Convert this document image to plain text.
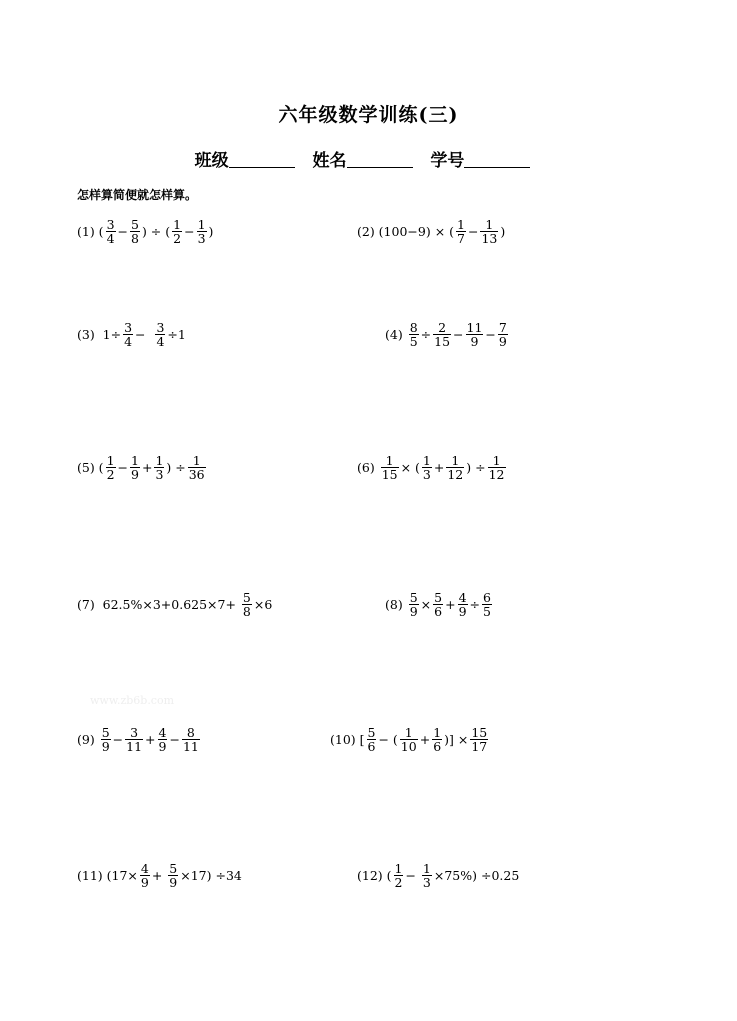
六年级数学训练(三)
班级	姓名	学号
怎样算简便就怎样算。
www.zb6b.com
(1) ( $\frac{3}{4} - \frac{5}{8}$ ) ÷ ( $\frac{1}{2} - \frac{1}{3}$ )	(2) (100−9) × ( $\frac{1}{7} - \frac{1}{13}$ )
(3)  $1\div \frac{3}{4} - \frac{3}{4} \div 1$	$(4) \frac{8}{5} \div \frac{2}{15} - \frac{11}{9} - \frac{7}{9}$
(5) ( $\frac{1}{2} - \frac{1}{9} + \frac{1}{3}$ ) ÷ $\frac{1}{36}$	$(6) \frac{1}{15}$ × ( $\frac{1}{3} + \frac{1}{12}$ ) ÷ $\frac{1}{12}$
(7)  $62.5\%\times 3+0.625\times 7+ \frac{5}{8} \times 6$	$(8) \frac{5}{9} \times \frac{5}{6} + \frac{4}{9} \div \frac{6}{5}$
$(9) \frac{5}{9} - \frac{3}{11} + \frac{4}{9} - \frac{8}{11}$	(10) [ $\frac{5}{6}$ − ( $\frac{1}{10} + \frac{1}{6}$ )] × $\frac{15}{17}$
(11) $(17\times \frac{4}{9} + \frac{5}{9} \times 17) \div 34$	(12) ( $\frac{1}{2} - \frac{1}{3} \times 75\%) \div 0.25$
